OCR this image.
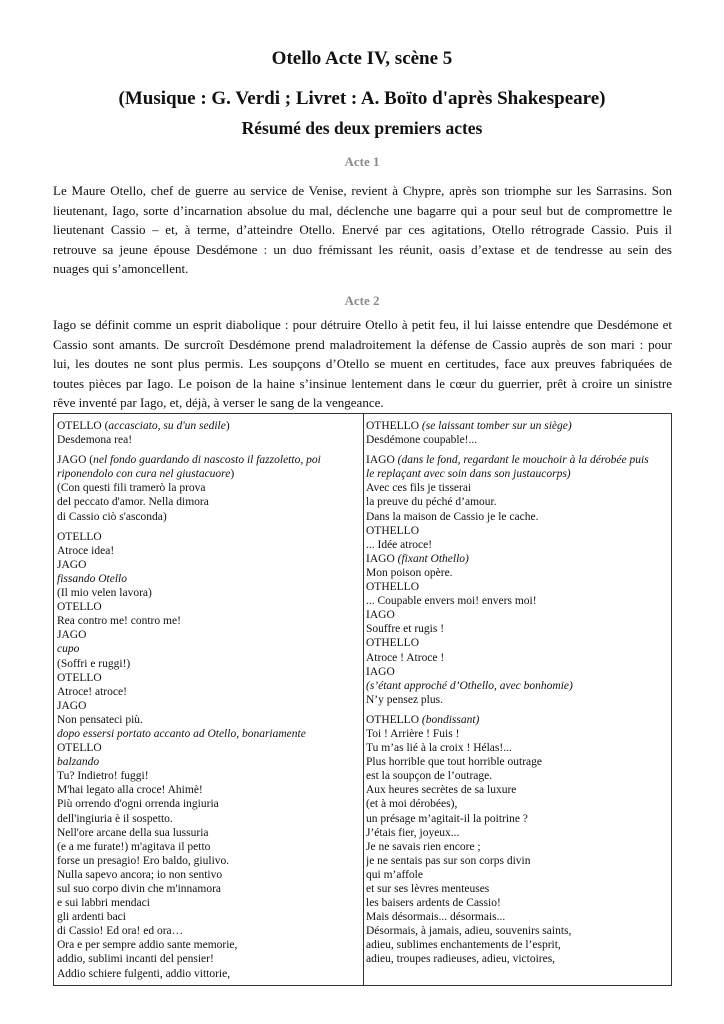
Otello Acte IV, scène 5
(Musique : G. Verdi ; Livret : A. Boïto d'après Shakespeare)
Résumé des deux premiers actes
Acte 1
Le Maure Otello, chef de guerre au service de Venise, revient à Chypre, après son triomphe sur les Sarrasins. Son
lieutenant, Iago, sorte d’incarnation absolue du mal, déclenche une bagarre qui a pour seul but de compromettre le
lieutenant Cassio – et, à terme, d’atteindre Otello. Enervé par ces agitations, Otello rétrograde Cassio. Puis il
retrouve sa jeune épouse Desdémone : un duo frémissant les réunit, oasis d’extase et de tendresse au sein des
nuages qui s’amoncellent.
Acte 2
Iago se définit comme un esprit diabolique : pour détruire Otello à petit feu, il lui laisse entendre que Desdémone et
Cassio sont amants. De surcroît Desdémone prend maladroitement la défense de Cassio auprès de son mari : pour
lui, les doutes ne sont plus permis. Les soupçons d’Otello se muent en certitudes, face aux preuves fabriquées de
toutes pièces par Iago. Le poison de la haine s’insinue lentement dans le cœur du guerrier, prêt à croire un sinistre
rêve inventé par Iago, et, déjà, à verser le sang de la vengeance.
OTELLO (accasciato, su d'un sedile)
Desdemona rea!
JAGO (nel fondo guardando di nascosto il fazzoletto, poi
riponendolo con cura nel giustacuore)
(Con questi fili tramerò la prova
del peccato d'amor. Nella dimora
di Cassio ciò s'asconda)
OTELLO
Atroce idea!
JAGO
fissando Otello
(Il mio velen lavora)
OTELLO
Rea contro me! contro me!
JAGO
cupo
(Soffri e ruggi!)
OTELLO
Atroce! atroce!
JAGO
Non pensateci più.
dopo essersi portato accanto ad Otello, bonariamente
OTELLO
balzando
Tu? Indietro! fuggi!
M'hai legato alla croce! Ahimè!
Più orrendo d'ogni orrenda ingiuria
dell'ingiuria è il sospetto.
Nell'ore arcane della sua lussuria
(e a me furate!) m'agitava il petto
forse un presagio! Ero baldo, giulivo.
Nulla sapevo ancora; io non sentivo
sul suo corpo divin che m'innamora
e sui labbri mendaci
gli ardenti baci
di Cassio! Ed ora! ed ora…
Ora e per sempre addio sante memorie,
addio, sublimi incanti del pensier!
Addio schiere fulgenti, addio vittorie,
OTHELLO (se laissant tomber sur un siège)
Desdémone coupable!...
IAGO (dans le fond, regardant le mouchoir à la dérobée puis
le replaçant avec soin dans son justaucorps)
Avec ces fils je tisserai
la preuve du péché d’amour.
Dans la maison de Cassio je le cache.
OTHELLO
... Idée atroce!
IAGO (fixant Othello)
Mon poison opère.
OTHELLO
... Coupable envers moi! envers moi!
IAGO
Souffre et rugis !
OTHELLO
Atroce ! Atroce !
IAGO
(s’étant approché d’Othello, avec bonhomie)
N’y pensez plus.
OTHELLO (bondissant)
Toi ! Arrière ! Fuis !
Tu m’as lié à la croix ! Hélas!...
Plus horrible que tout horrible outrage
est la soupçon de l’outrage.
Aux heures secrètes de sa luxure
(et à moi dérobées),
un présage m’agitait-il la poitrine ?
J’étais fier, joyeux...
Je ne savais rien encore ;
je ne sentais pas sur son corps divin
qui m’affole
et sur ses lèvres menteuses
les baisers ardents de Cassio!
Mais désormais... désormais...
Désormais, à jamais, adieu, souvenirs saints,
adieu, sublimes enchantements de l’esprit,
adieu, troupes radieuses, adieu, victoires,
